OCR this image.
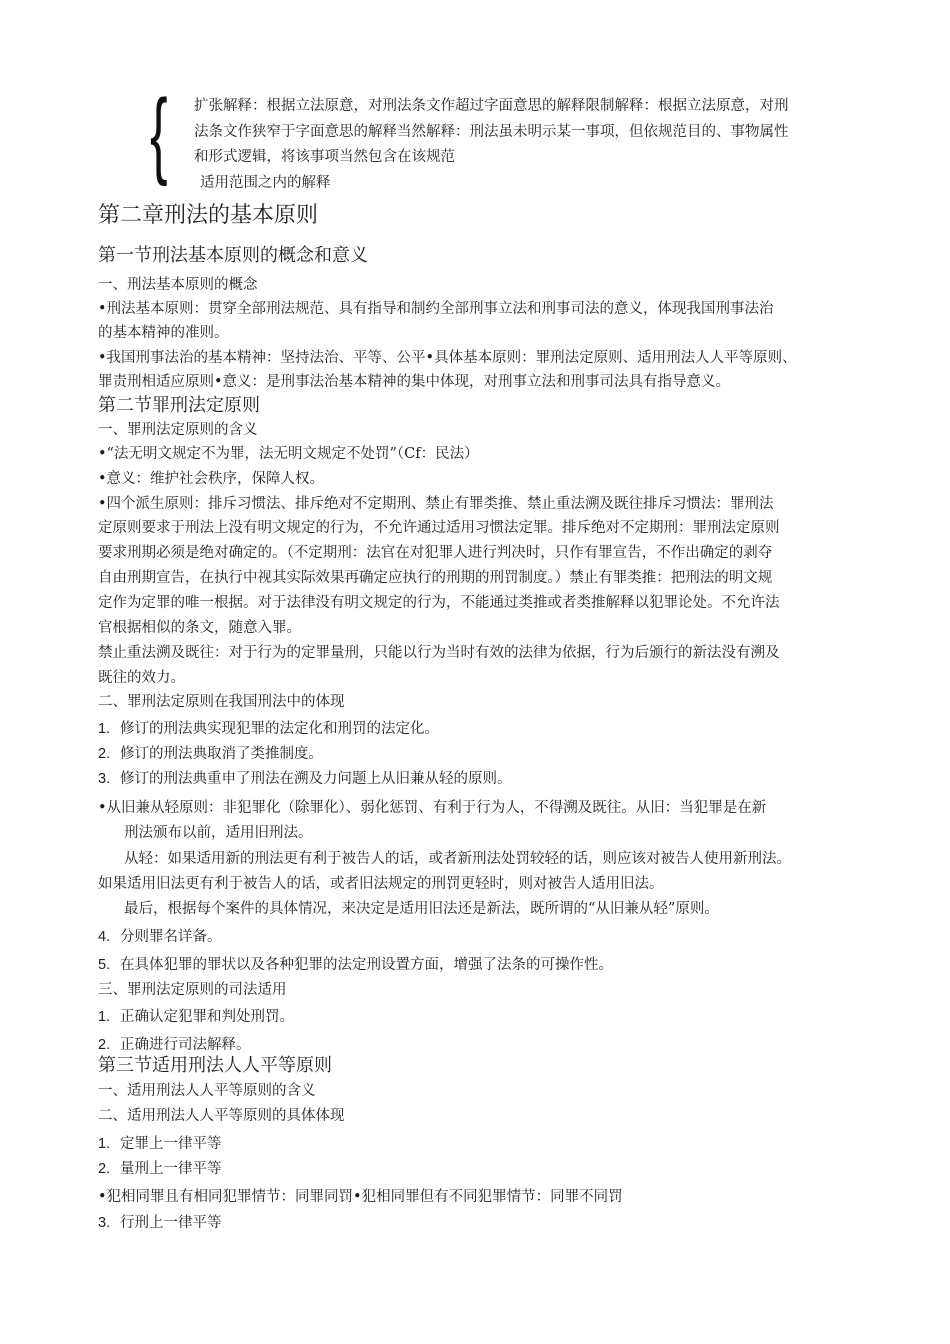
{ 扩张解释：根据立法原意，对刑法条文作超过字面意思的解释限制解释：根据立法原意，对刑
法条文作狭窄于字面意思的解释当然解释：刑法虽未明示某一事项，但依规范目的、事物属性
和形式逻辑，将该事项当然包含在该规范
适用范围之内的解释
第二章刑法的基本原则
第一节刑法基本原则的概念和意义
一、刑法基本原则的概念
•刑法基本原则：贯穿全部刑法规范、具有指导和制约全部刑事立法和刑事司法的意义，体现我国刑事法治
的基本精神的准则。
•我国刑事法治的基本精神：坚持法治、平等、公平•具体基本原则：罪刑法定原则、适用刑法人人平等原则、
罪责刑相适应原则•意义：是刑事法治基本精神的集中体现，对刑事立法和刑事司法具有指导意义。
第二节罪刑法定原则
一、罪刑法定原则的含义
•“法无明文规定不为罪，法无明文规定不处罚”（Cf：民法）
•意义：维护社会秩序，保障人权。
•四个派生原则：排斥习惯法、排斥绝对不定期刑、禁止有罪类推、禁止重法溯及既往排斥习惯法：罪刑法
定原则要求于刑法上没有明文规定的行为，不允许通过适用习惯法定罪。排斥绝对不定期刑：罪刑法定原则
要求刑期必须是绝对确定的。（不定期刑：法官在对犯罪人进行判决时，只作有罪宣告，不作出确定的剥夺
自由刑期宣告，在执行中视其实际效果再确定应执行的刑期的刑罚制度。）禁止有罪类推：把刑法的明文规
定作为定罪的唯一根据。对于法律没有明文规定的行为，不能通过类推或者类推解释以犯罪论处。不允许法
官根据相似的条文，随意入罪。
禁止重法溯及既往：对于行为的定罪量刑，只能以行为当时有效的法律为依据，行为后颁行的新法没有溯及
既往的效力。
二、罪刑法定原则在我国刑法中的体现
1. 修订的刑法典实现犯罪的法定化和刑罚的法定化。
2. 修订的刑法典取消了类推制度。
3. 修订的刑法典重申了刑法在溯及力问题上从旧兼从轻的原则。
•从旧兼从轻原则：非犯罪化（除罪化）、弱化惩罚、有利于行为人，不得溯及既往。从旧：当犯罪是在新
刑法颁布以前，适用旧刑法。
从轻：如果适用新的刑法更有利于被告人的话，或者新刑法处罚较轻的话，则应该对被告人使用新刑法。
如果适用旧法更有利于被告人的话，或者旧法规定的刑罚更轻时，则对被告人适用旧法。
最后，根据每个案件的具体情况，来决定是适用旧法还是新法，既所谓的“从旧兼从轻”原则。
4. 分则罪名详备。
5. 在具体犯罪的罪状以及各种犯罪的法定刑设置方面，增强了法条的可操作性。
三、罪刑法定原则的司法适用
1. 正确认定犯罪和判处刑罚。
2. 正确进行司法解释。
第三节适用刑法人人平等原则
一、适用刑法人人平等原则的含义
二、适用刑法人人平等原则的具体体现
1. 定罪上一律平等
2. 量刑上一律平等
•犯相同罪且有相同犯罪情节：同罪同罚•犯相同罪但有不同犯罪情节：同罪不同罚
3. 行刑上一律平等
